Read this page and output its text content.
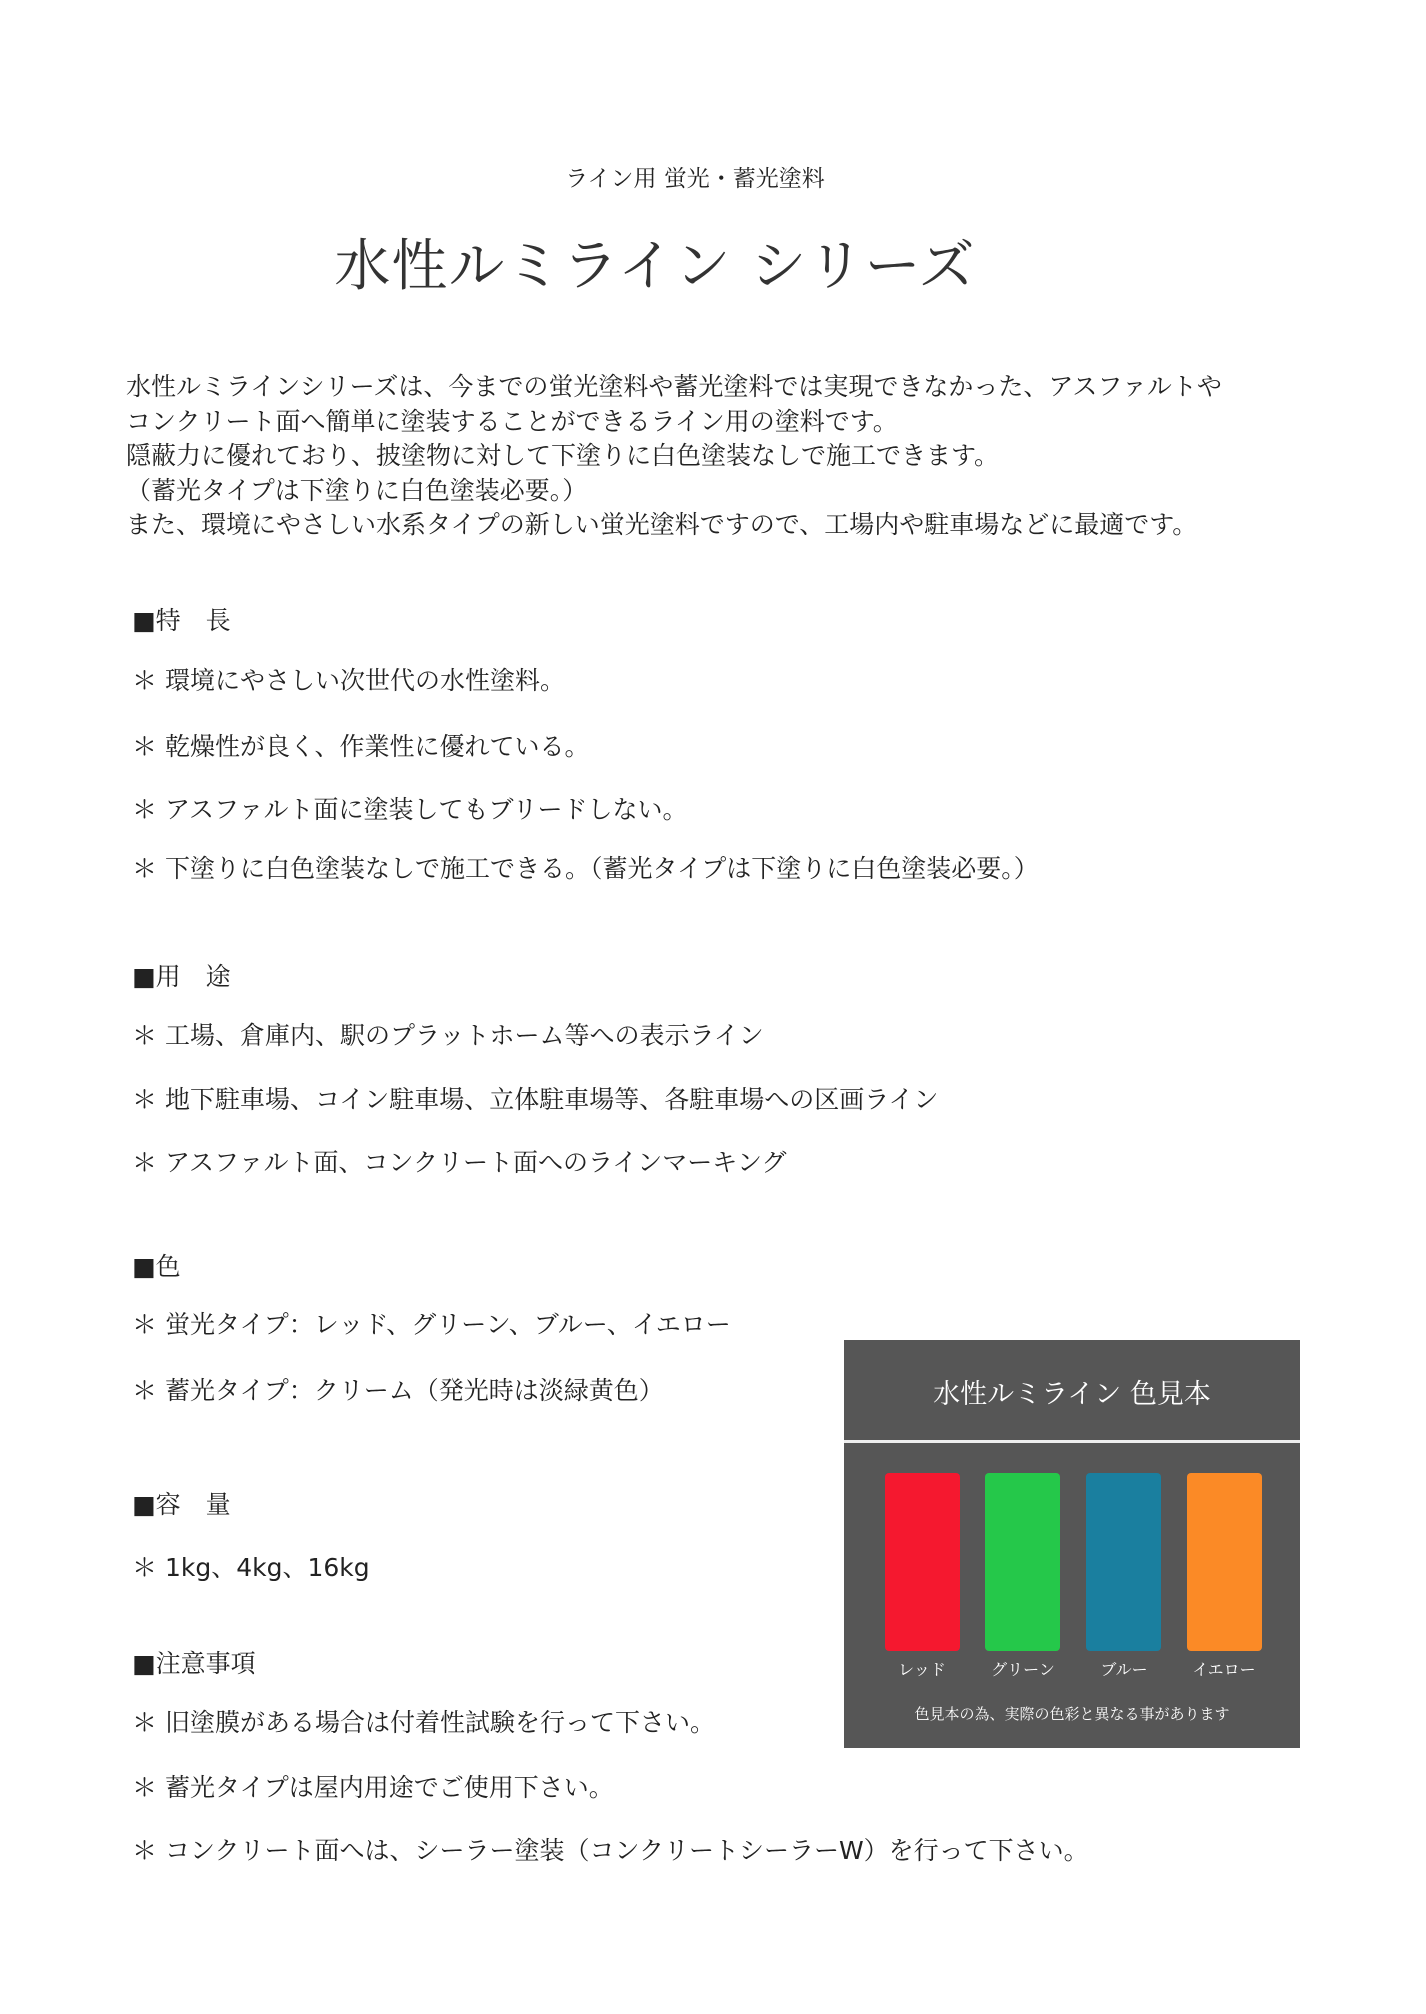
ライン用 蛍光・蓄光塗料
水性ルミライン シリーズ
水性ルミラインシリーズは、今までの蛍光塗料や蓄光塗料では実現できなかった、アスファルトや
コンクリート面へ簡単に塗装することができるライン用の塗料です。
隠蔽力に優れており、披塗物に対して下塗りに白色塗装なしで施工できます。
（蓄光タイプは下塗りに白色塗装必要。）
また、環境にやさしい水系タイプの新しい蛍光塗料ですので、工場内や駐車場などに最適です。
■特　長
＊ 環境にやさしい次世代の水性塗料。
＊ 乾燥性が良く、作業性に優れている。
＊ アスファルト面に塗装してもブリードしない。
＊ 下塗りに白色塗装なしで施工できる。（蓄光タイプは下塗りに白色塗装必要。）
■用　途
＊ 工場、倉庫内、駅のプラットホーム等への表示ライン
＊ 地下駐車場、コイン駐車場、立体駐車場等、各駐車場への区画ライン
＊ アスファルト面、コンクリート面へのラインマーキング
■色
＊ 蛍光タイプ：レッド、グリーン、ブルー、イエロー
＊ 蓄光タイプ：クリーム（発光時は淡緑黄色）
■容　量
＊ 1kg、4kg、16kg
■注意事項
＊ 旧塗膜がある場合は付着性試験を行って下さい。
＊ 蓄光タイプは屋内用途でご使用下さい。
＊ コンクリート面へは、シーラー塗装（コンクリートシーラーW）を行って下さい。
水性ルミライン 色見本
レッド	グリーン	ブルー	イエロー
色見本の為、実際の色彩と異なる事があります
